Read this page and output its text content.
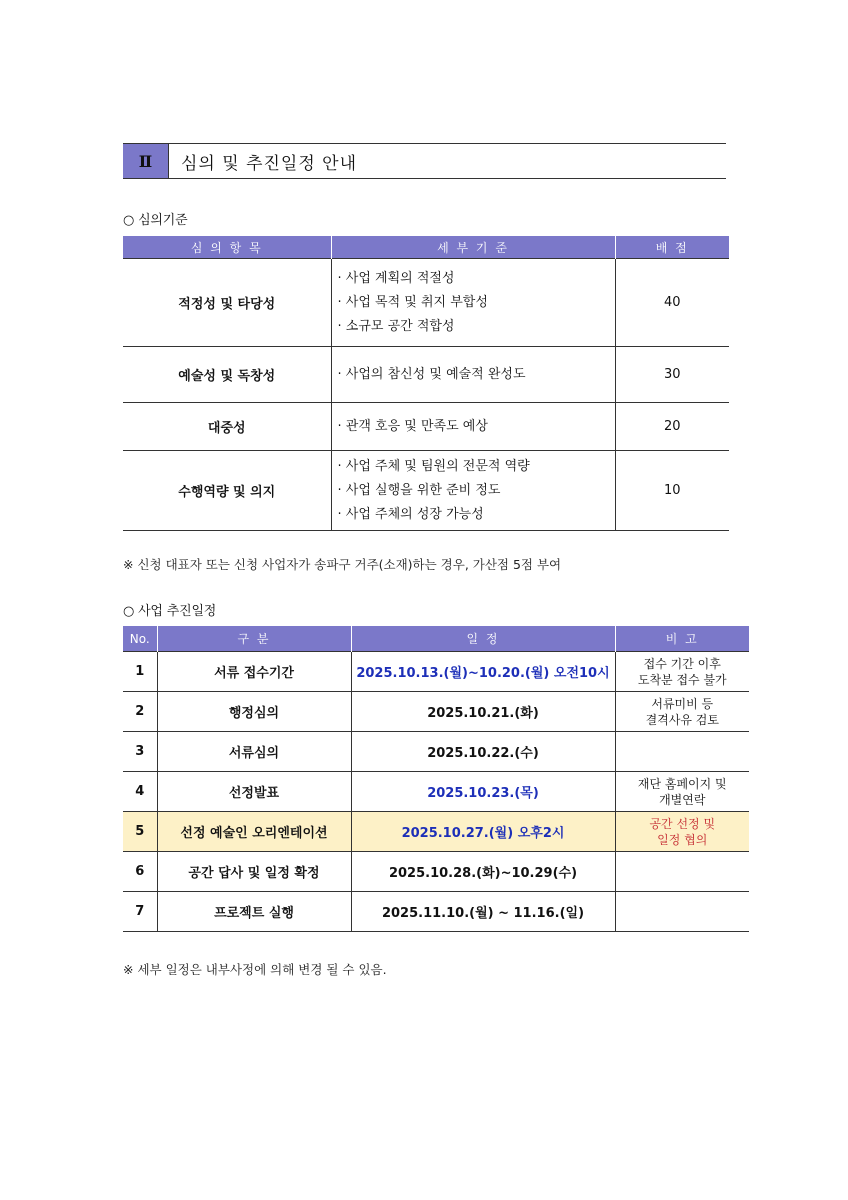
Ⅱ	심의 및 추진일정 안내
○ 심의기준
심 의 항 목	세 부 기 준	배 점
적정성 및 타당성	· 사업 계획의 적절성
· 사업 목적 및 취지 부합성
· 소규모 공간 적합성	40
예술성 및 독창성	· 사업의 참신성 및 예술적 완성도	30
대중성	· 관객 호응 및 만족도 예상	20
수행역량 및 의지	· 사업 주체 및 팀원의 전문적 역량
· 사업 실행을 위한 준비 정도
· 사업 주체의 성장 가능성	10
※ 신청 대표자 또는 신청 사업자가 송파구 거주(소재)하는 경우, 가산점 5점 부여
○ 사업 추진일정
No.	구 분	일 정	비 고
1	서류 접수기간	2025.10.13.(월)~10.20.(월) 오전10시	접수 기간 이후
도착분 접수 불가

2	행정심의	2025.10.21.(화)	서류미비 등
결격사유 검토

3	서류심의	2025.10.22.(수)	
4	선정발표	2025.10.23.(목)	재단 홈페이지 및
개별연락

5	선정 예술인 오리엔테이션	2025.10.27.(월) 오후2시	공간 선정 및
일정 협의

6	공간 답사 및 일정 확정	2025.10.28.(화)~10.29(수)	
7	프로젝트 실행	2025.11.10.(월) ~ 11.16.(일)	
※ 세부 일정은 내부사정에 의해 변경 될 수 있음.
